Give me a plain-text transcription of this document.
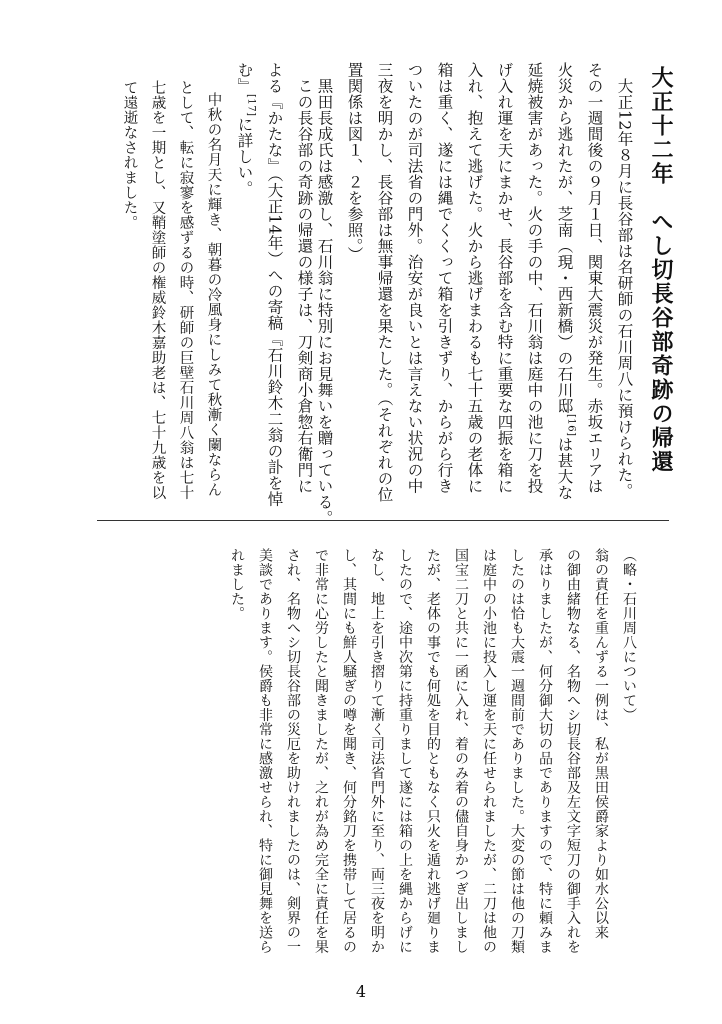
大正十二年　へし切長谷部奇跡の帰還
大正12年８月に長谷部は名研師の石川周八に預けられた。
その一週間後の９月１日、関東大震災が発生。赤坂エリアは
火災から逃れたが、芝南（現・西新橋）の石川邸[16]は甚大な
延焼被害があった。火の手の中、石川翁は庭中の池に刀を投
げ入れ運を天にまかせ、長谷部を含む特に重要な四振を箱に
入れ、抱えて逃げた。火から逃げまわるも七十五歳の老体に
箱は重く、遂には縄でくくって箱を引きずり、からがら行き
ついたのが司法省の門外。治安が良いとは言えない状況の中
三夜を明かし、長谷部は無事帰還を果たした。（それぞれの位
置関係は図１、２を参照。）
　黒田長成氏は感激し、石川翁に特別にお見舞いを贈っている。
　この長谷部の奇跡の帰還の様子は、刀剣商小倉惣右衛門に
よる『かたな』（大正14年）への寄稿『石川鈴木二翁の訃を悼
む』[17]に詳しい。
中秋の名月天に輝き、朝暮の冷風身にしみて秋漸く闌ならん
として、転に寂寥を感ずるの時、研師の巨壁石川周八翁は七十
七歳を一期とし、又鞘塗師の権威鈴木嘉助老は、七十九歳を以
て遠逝なされました。
（略・石川周八について）
翁の責任を重んずる一例は、私が黒田侯爵家より如水公以来
の御由緒物なる、名物へシ切長谷部及左文字短刀の御手入れを
承はりましたが、何分御大切の品でありますので、特に頼みま
したのは恰も大震一週間前でありました。大変の節は他の刀類
は庭中の小池に投入し運を天に任せられましたが、二刀は他の
国宝二刀と共に一函に入れ、着のみ着の儘自身かつぎ出しまし
たが、老体の事でも何処を目的ともなく只火を遁れ逃げ廻りま
したので、途中次第に持重りまして遂には箱の上を縄からげに
なし、地上を引き摺りて漸く司法省門外に至り、両三夜を明か
し、其間にも鮮人騒ぎの噂を聞き、何分銘刀を携帯して居るの
で非常に心労したと聞きましたが、之れが為め完全に責任を果
され、名物へシ切長谷部の災厄を助けれましたのは、剣界の一
美談であります。侯爵も非常に感激せられ、特に御見舞を送ら
れました。
4
